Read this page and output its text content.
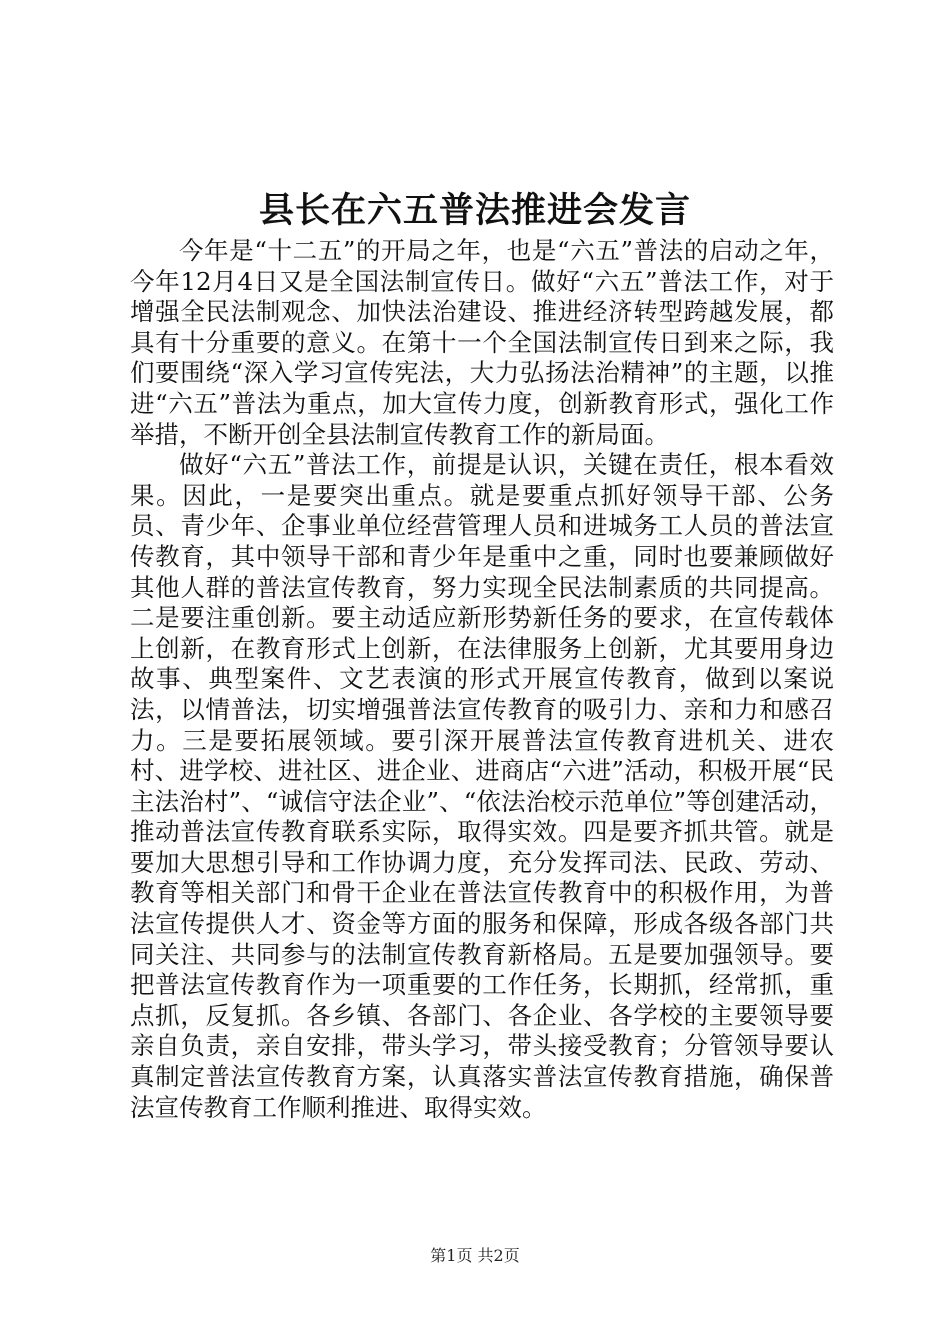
县长在六五普法推进会发言

今年是“十二五”的开局之年，也是“六五”普法的启动之年，今年12月4日又是全国法制宣传日。做好“六五”普法工作，对于增强全民法制观念、加快法治建设、推进经济转型跨越发展，都具有十分重要的意义。在第十一个全国法制宣传日到来之际，我们要围绕“深入学习宣传宪法，大力弘扬法治精神”的主题，以推进“六五”普法为重点，加大宣传力度，创新教育形式，强化工作举措，不断开创全县法制宣传教育工作的新局面。

做好“六五”普法工作，前提是认识，关键在责任，根本看效果。因此，一是要突出重点。就是要重点抓好领导干部、公务员、青少年、企事业单位经营管理人员和进城务工人员的普法宣传教育，其中领导干部和青少年是重中之重，同时也要兼顾做好其他人群的普法宣传教育，努力实现全民法制素质的共同提高。二是要注重创新。要主动适应新形势新任务的要求，在宣传载体上创新，在教育形式上创新，在法律服务上创新，尤其要用身边故事、典型案件、文艺表演的形式开展宣传教育，做到以案说法，以情普法，切实增强普法宣传教育的吸引力、亲和力和感召力。三是要拓展领域。要引深开展普法宣传教育进机关、进农村、进学校、进社区、进企业、进商店“六进”活动，积极开展“民主法治村”、“诚信守法企业”、“依法治校示范单位”等创建活动，推动普法宣传教育联系实际，取得实效。四是要齐抓共管。就是要加大思想引导和工作协调力度，充分发挥司法、民政、劳动、教育等相关部门和骨干企业在普法宣传教育中的积极作用，为普法宣传提供人才、资金等方面的服务和保障，形成各级各部门共同关注、共同参与的法制宣传教育新格局。五是要加强领导。要把普法宣传教育作为一项重要的工作任务，长期抓，经常抓，重点抓，反复抓。各乡镇、各部门、各企业、各学校的主要领导要亲自负责，亲自安排，带头学习，带头接受教育；分管领导要认真制定普法宣传教育方案，认真落实普法宣传教育措施，确保普法宣传教育工作顺利推进、取得实效。

第1页 共2页
